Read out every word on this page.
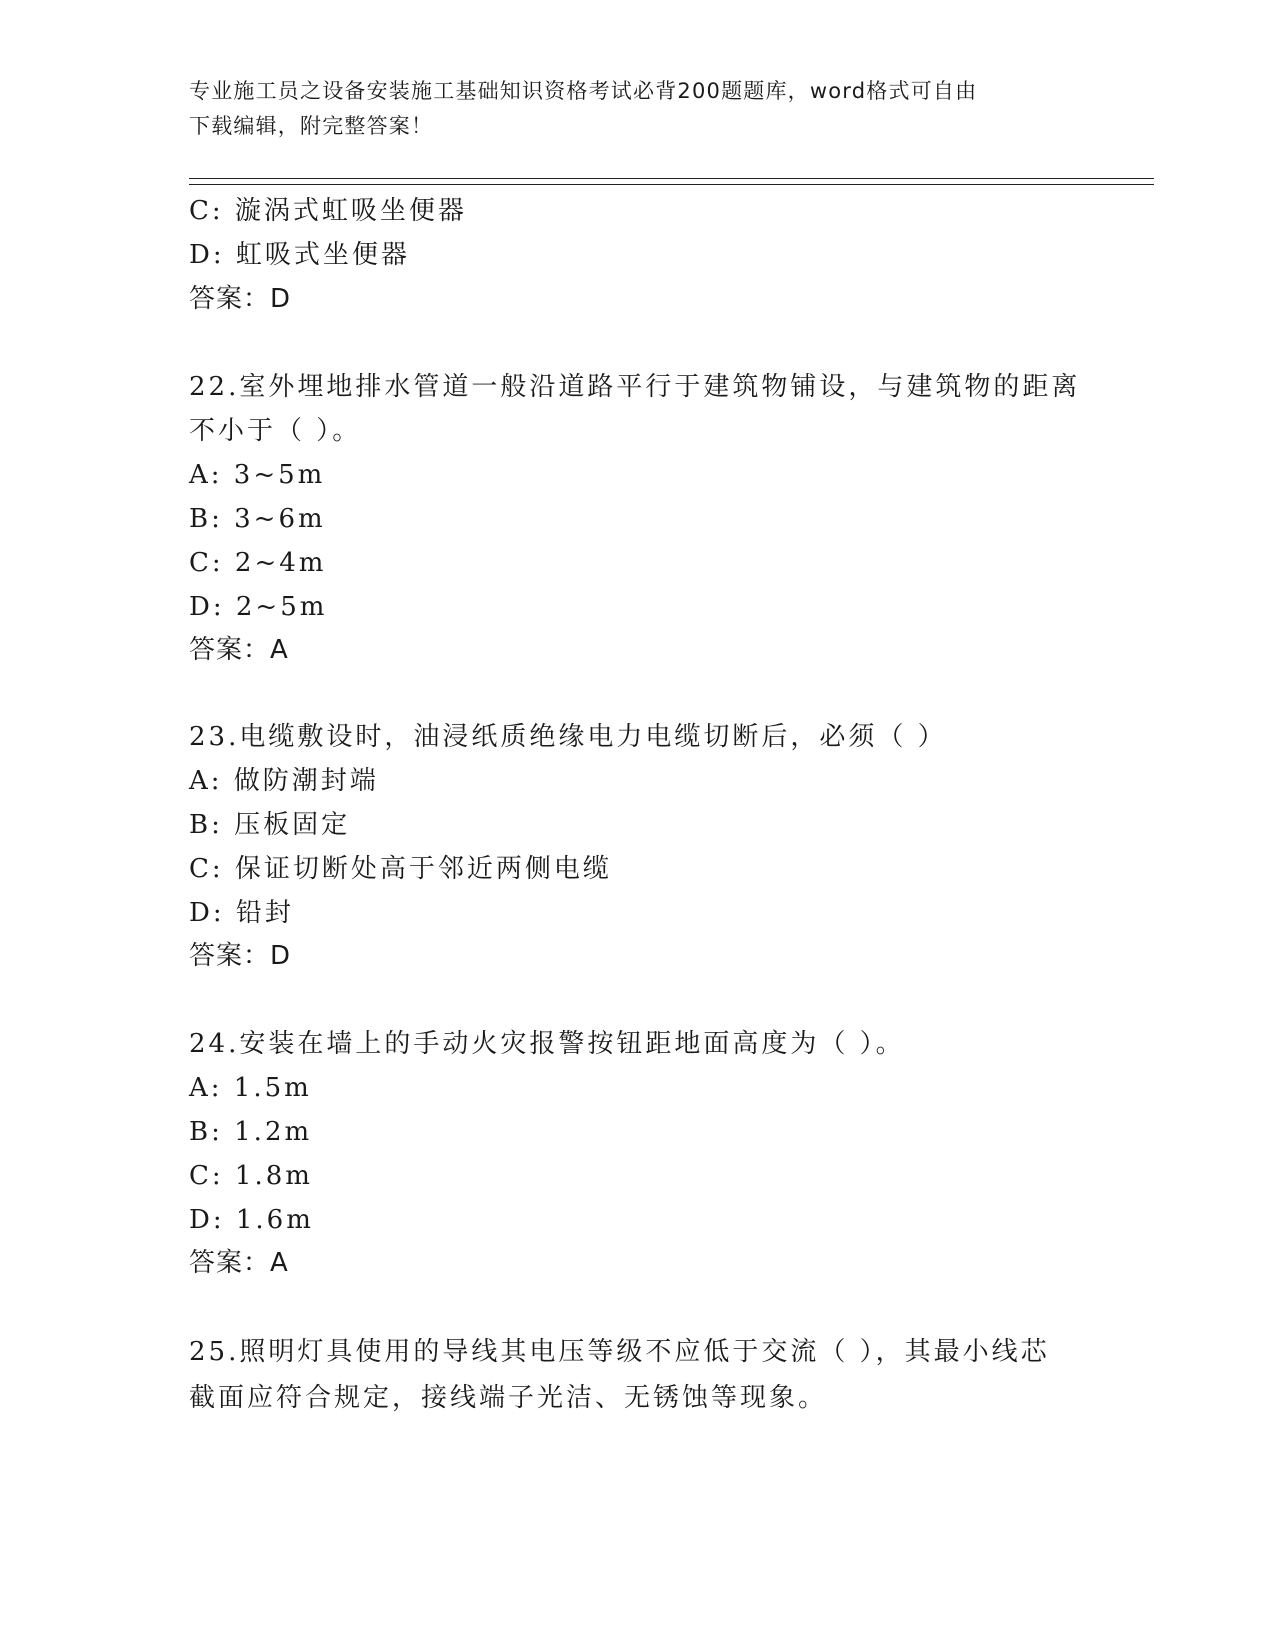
专业施工员之设备安装施工基础知识资格考试必背200题题库，word格式可自由
下载编辑，附完整答案！
C: 漩涡式虹吸坐便器
D: 虹吸式坐便器
答案：D
22.室外埋地排水管道一般沿道路平行于建筑物铺设，与建筑物的距离
不小于（ ）。
A: 3~5m
B: 3~6m
C: 2~4m
D: 2~5m
答案：A
23.电缆敷设时，油浸纸质绝缘电力电缆切断后，必须（ ）
A: 做防潮封端
B: 压板固定
C: 保证切断处高于邻近两侧电缆
D: 铅封
答案：D
24.安装在墙上的手动火灾报警按钮距地面高度为（ ）。
A: 1.5m
B: 1.2m
C: 1.8m
D: 1.6m
答案：A
25.照明灯具使用的导线其电压等级不应低于交流（ ），其最小线芯
截面应符合规定，接线端子光洁、无锈蚀等现象。
